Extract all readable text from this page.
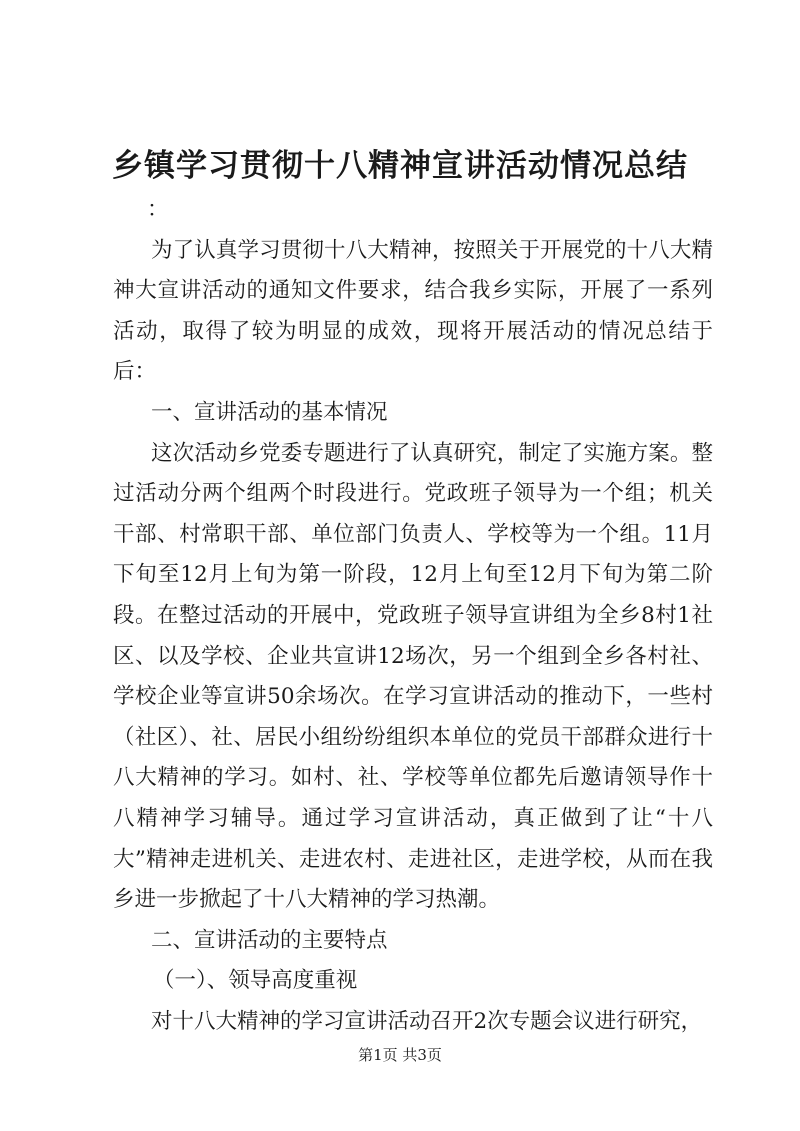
乡镇学习贯彻十八精神宣讲活动情况总结

：

为了认真学习贯彻十八大精神，按照关于开展党的十八大精神大宣讲活动的通知文件要求，结合我乡实际，开展了一系列活动，取得了较为明显的成效，现将开展活动的情况总结于后：

一、宣讲活动的基本情况

这次活动乡党委专题进行了认真研究，制定了实施方案。整过活动分两个组两个时段进行。党政班子领导为一个组；机关干部、村常职干部、单位部门负责人、学校等为一个组。11月下旬至12月上旬为第一阶段，12月上旬至12月下旬为第二阶段。在整过活动的开展中，党政班子领导宣讲组为全乡8村1社区、以及学校、企业共宣讲12场次，另一个组到全乡各村社、学校企业等宣讲50余场次。在学习宣讲活动的推动下，一些村（社区）、社、居民小组纷纷组织本单位的党员干部群众进行十八大精神的学习。如村、社、学校等单位都先后邀请领导作十八精神学习辅导。通过学习宣讲活动，真正做到了让“十八大”精神走进机关、走进农村、走进社区，走进学校，从而在我乡进一步掀起了十八大精神的学习热潮。

二、宣讲活动的主要特点

（一）、领导高度重视

对十八大精神的学习宣讲活动召开2次专题会议进行研究，

第1页 共3页
